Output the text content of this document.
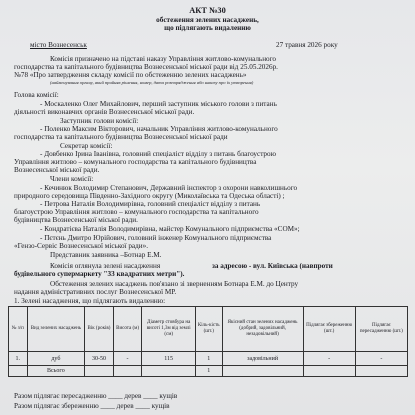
АКТ №30
обстеження зелених насаджень,
що підлягають видаленню
місто Вознесенськ	27 травня 2026 року
Комісія призначено на підставі наказу Управління житлово-комунального
господарства та капітального будівництва Вознесенської міської ради від 25.05.2026р.
№78 «Про затвердження складу комісії по обстеженню зелених насаджень»
(найменування органу, який прийняв рішення, номер, дата розпорядження або наказу про їх утворення)
Голова комісії:
- Москаленко Олег Михайлович, перший заступник міського голови з питань
діяльності виконавчих органів Вознесенської міської ради.
Заступник голови комісії:
- Поленко Максим Вікторович, начальник Управління житлово-комунального
господарства та капітального будівництва Вознесенської міської ради
Секретар комісії:
- Довбенко Ірина Іванівна, головний спеціаліст відділу з питань благоустрою
Управління житлово – комунального господарства та капітального будівництва
Вознесенської міської ради.
Члени комісії:
- Кечинюк Володимир Степанович, Державний інспектор з охорони навколишнього
природного середовища Південно-Західного округу (Миколаївська та Одеська області) ;
- Петрова Наталія Володимирівна, головний спеціаліст відділу з питань
благоустрою Управління житлово – комунального господарства та капітального
будівництва Вознесенської міської ради.
- Кондратієва Наталія Володимирівна, майстер Комунального підприємства «СОМ»;
- Пєтєнь Дмитро Юрійович, головний інженер Комунального підприємства
«Гензо-Сервіс Вознесенської міської ради».
Представник заявника –Ботнар Е.М.
Комісія оглянула зелені насадження	за адресою - вул. Київська (навпроти
будівельного супермаркету "33 квадратних метри").
Обстеження зелених насаджень пов'язано зі зверненням Ботнара Е.М. до Центру
надання адміністративних послуг Вознесенської МР.
1. Зелені насадження, що підлягають видаленню:
№ з/п	Вид зелених насаджень	Вік (років)	Висота (м)	Діаметр стовбура на висоті 1,3м від землі (см)	Кіль-кість (шт.)	Якісний стан зелених насаджень (добрий, задовільний, незадовільний)	Підлягає збереженню (шт.)	Підлягає пересадженню (шт.)
1.	дуб	30-50	-	115	1	задовільний	-	-
	Всього				1			
Разом підлягає пересадженню ____ дерев ____ кущів
Разом підлягає збереженню ____ дерев ____ кущів
